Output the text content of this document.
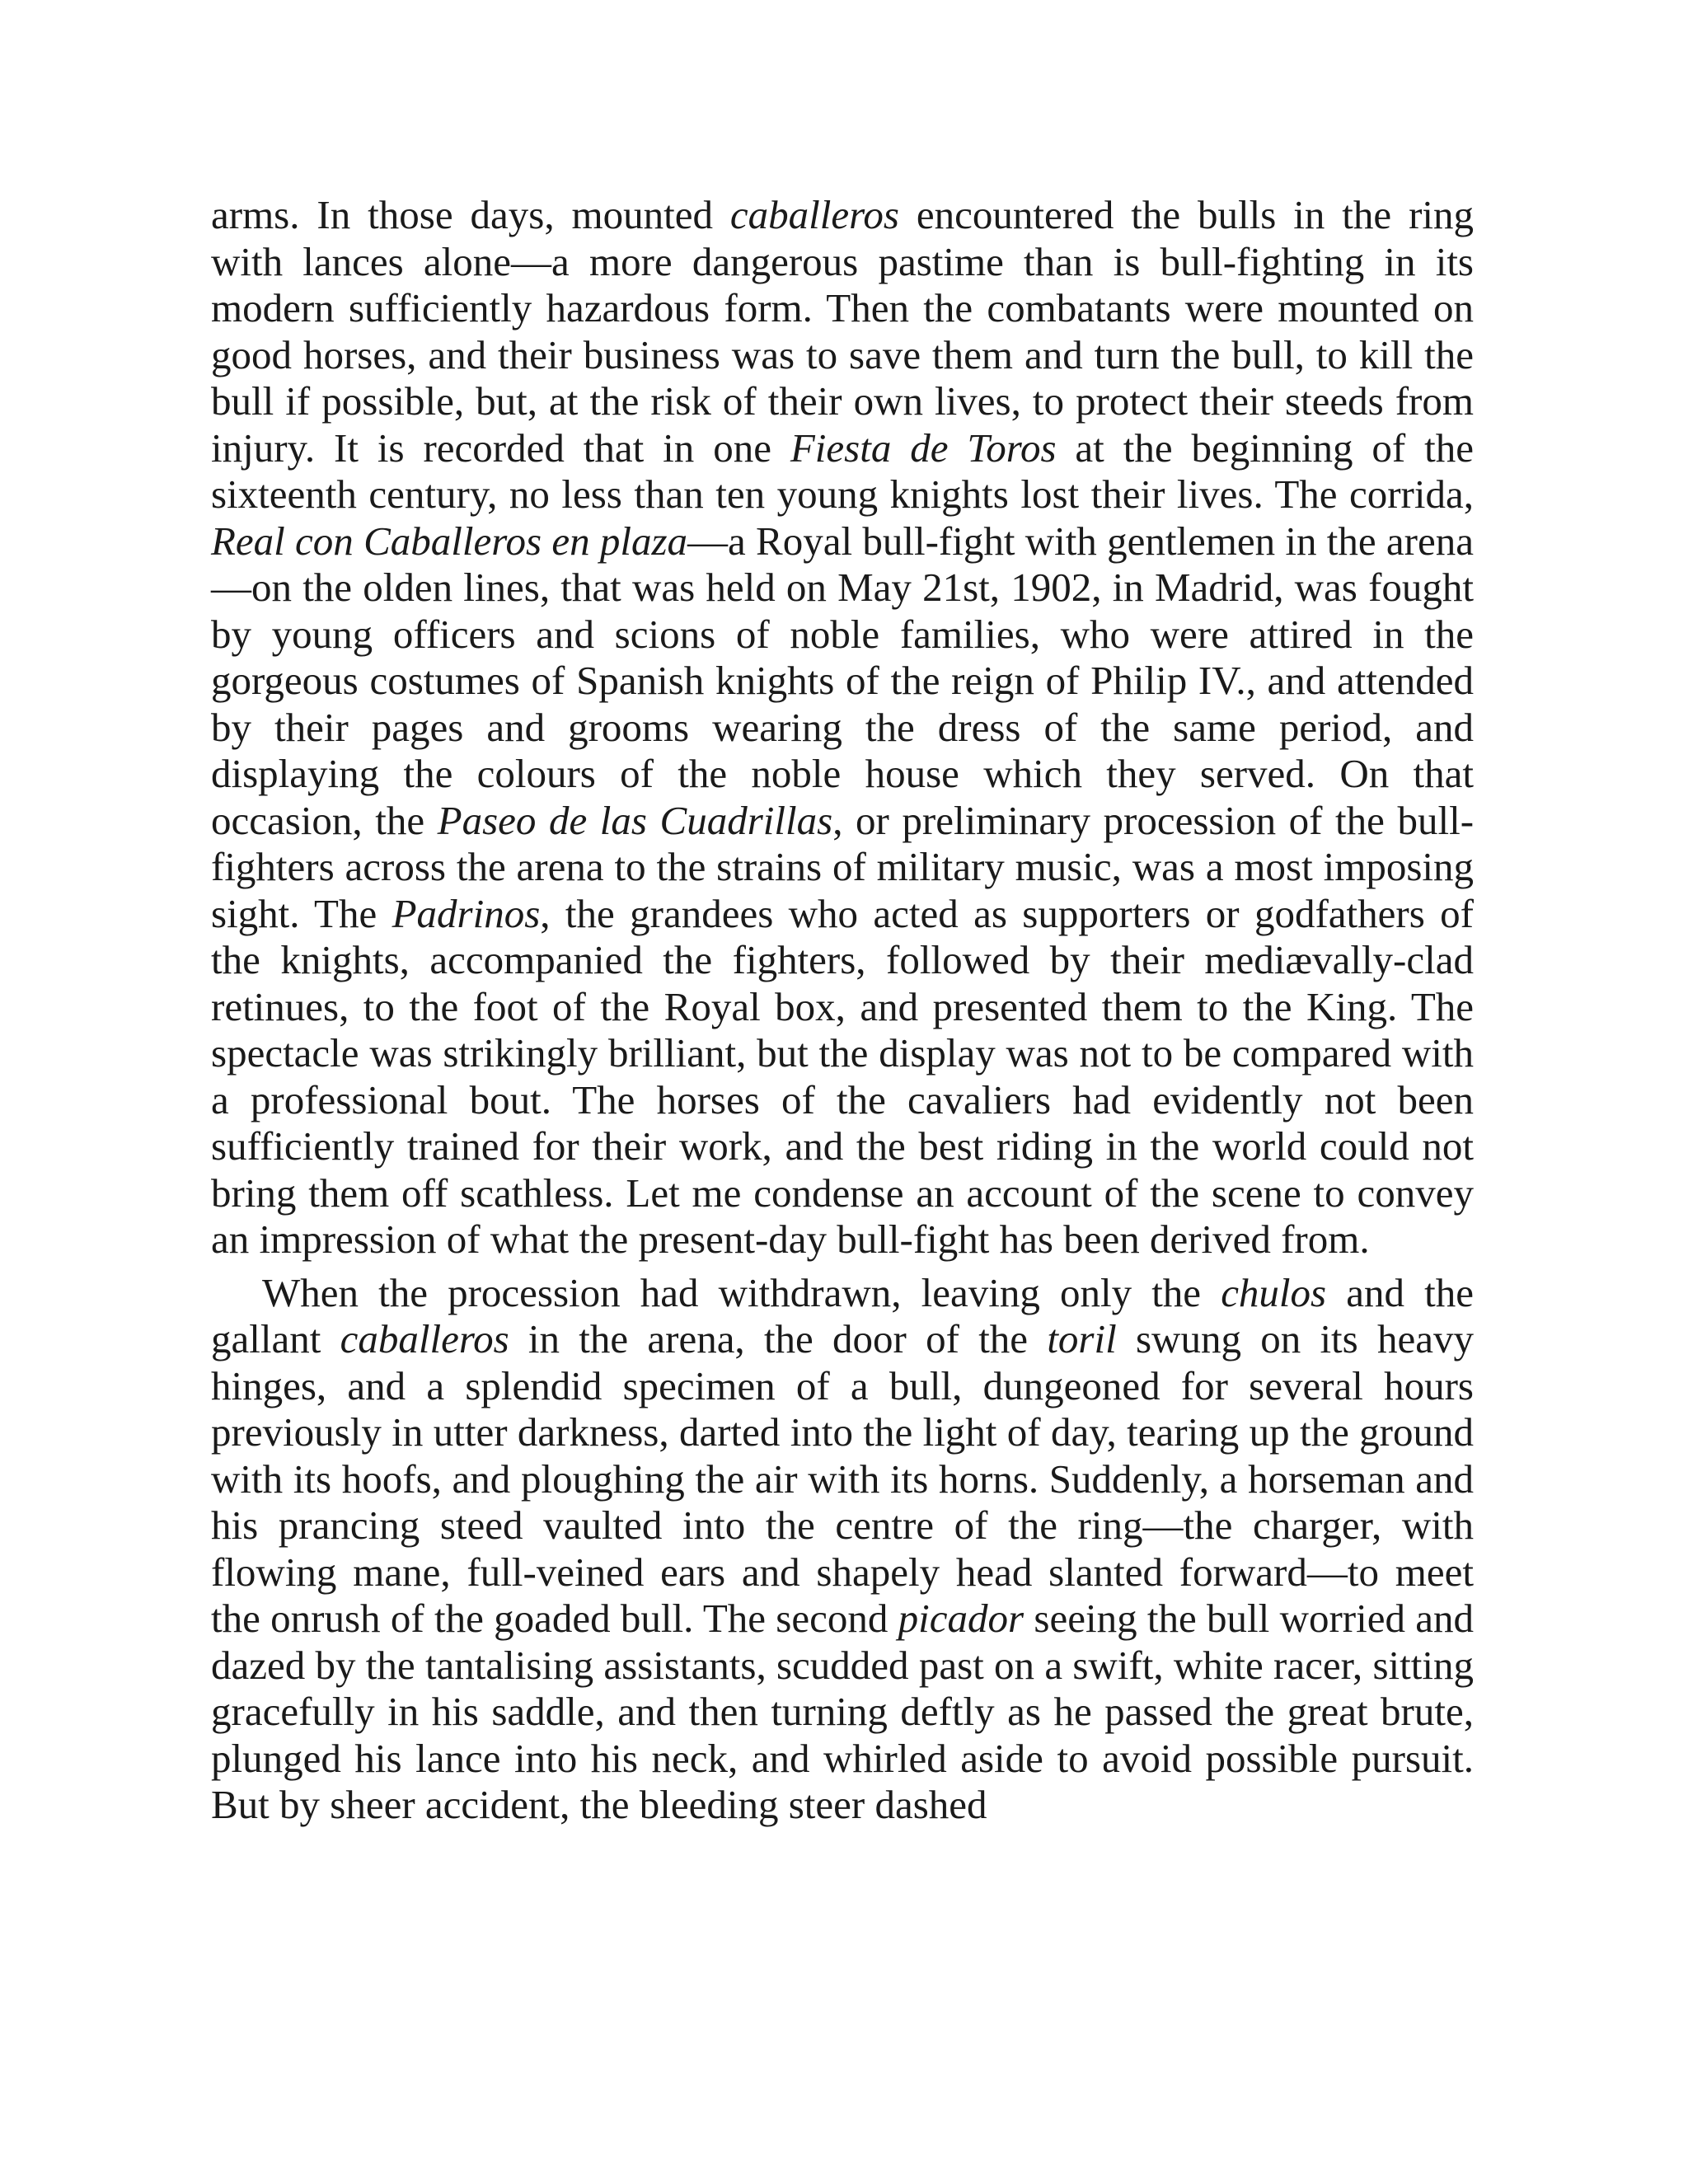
arms. In those days, mounted caballeros encountered the bulls in the ring with lances alone—a more dangerous pastime than is bull-fighting in its modern sufficiently hazardous form. Then the combatants were mounted on good horses, and their business was to save them and turn the bull, to kill the bull if possible, but, at the risk of their own lives, to protect their steeds from injury. It is recorded that in one Fiesta de Toros at the beginning of the sixteenth century, no less than ten young knights lost their lives. The corrida, Real con Caballeros en plaza—a Royal bull-fight with gentlemen in the arena—on the olden lines, that was held on May 21st, 1902, in Madrid, was fought by young officers and scions of noble families, who were attired in the gorgeous costumes of Spanish knights of the reign of Philip IV., and attended by their pages and grooms wearing the dress of the same period, and displaying the colours of the noble house which they served. On that occasion, the Paseo de las Cuadrillas, or preliminary procession of the bull-fighters across the arena to the strains of military music, was a most imposing sight. The Padrinos, the grandees who acted as supporters or godfathers of the knights, accompanied the fighters, followed by their mediævally-clad retinues, to the foot of the Royal box, and presented them to the King. The spectacle was strikingly brilliant, but the display was not to be compared with a professional bout. The horses of the cavaliers had evidently not been sufficiently trained for their work, and the best riding in the world could not bring them off scathless. Let me condense an account of the scene to convey an impression of what the present-day bull-fight has been derived from.

When the procession had withdrawn, leaving only the chulos and the gallant caballeros in the arena, the door of the toril swung on its heavy hinges, and a splendid specimen of a bull, dungeoned for several hours previously in utter darkness, darted into the light of day, tearing up the ground with its hoofs, and ploughing the air with its horns. Suddenly, a horseman and his prancing steed vaulted into the centre of the ring—the charger, with flowing mane, full-veined ears and shapely head slanted forward—to meet the onrush of the goaded bull. The second picador seeing the bull worried and dazed by the tantalising assistants, scudded past on a swift, white racer, sitting gracefully in his saddle, and then turning deftly as he passed the great brute, plunged his lance into his neck, and whirled aside to avoid possible pursuit. But by sheer accident, the bleeding steer dashed
